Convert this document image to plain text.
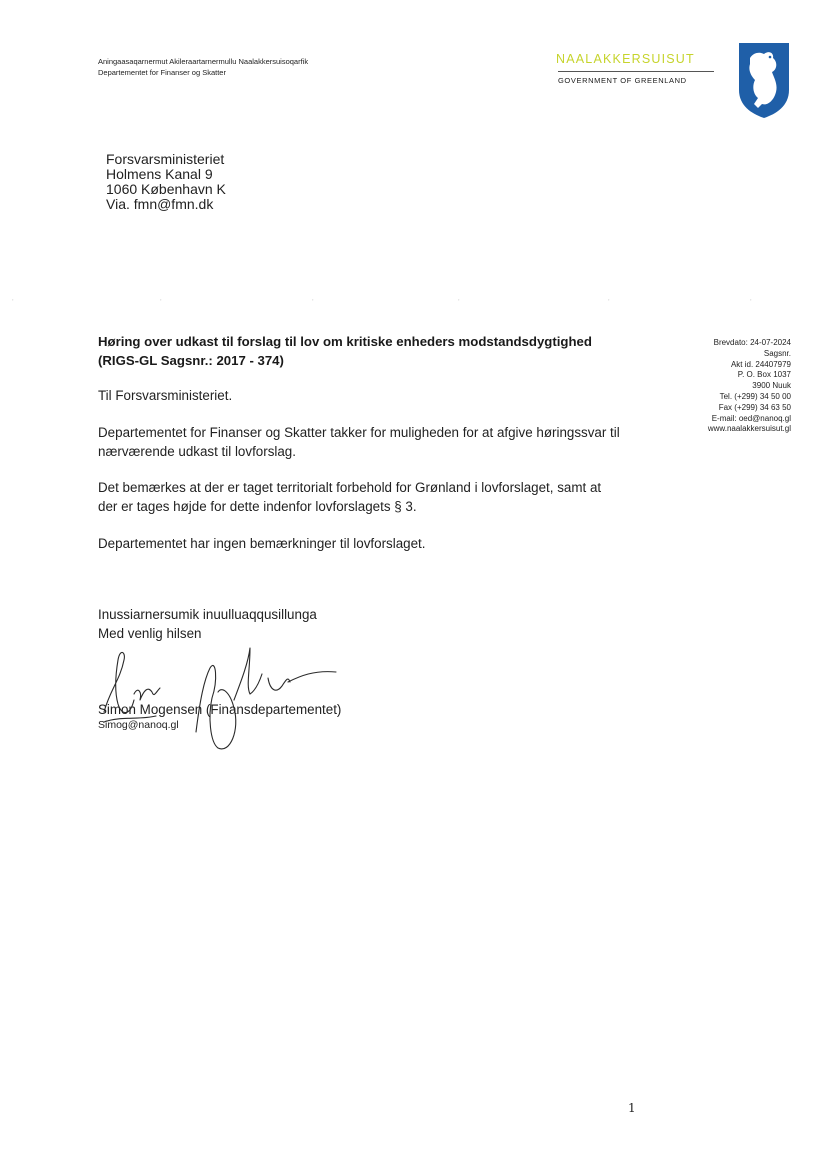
Aningaasaqarnermut Akileraartarnermullu Naalakkersuisoqarfik
Departementet for Finanser og Skatter
NAALAKKERSUISUT
GOVERNMENT OF GREENLAND
Forsvarsministeriet
Holmens Kanal 9
1060 København K
Via. fmn@fmn.dk
,	,	,	,	,	,
Brevdato: 24-07-2024
Sagsnr.
Akt id. 24407979
P. O. Box 1037
3900 Nuuk
Tel. (+299) 34 50 00
Fax (+299) 34 63 50
E-mail: oed@nanoq.gl
www.naalakkersuisut.gl
Høring over udkast til forslag til lov om kritiske enheders modstandsdygtighed
(RIGS-GL Sagsnr.: 2017 - 374)
Til Forsvarsministeriet.
Departementet for Finanser og Skatter takker for muligheden for at afgive høringssvar til
nærværende udkast til lovforslag.
Det bemærkes at der er taget territorialt forbehold for Grønland i lovforslaget, samt at
der er tages højde for dette indenfor lovforslagets § 3.
Departementet har ingen bemærkninger til lovforslaget.
Inussiarnersumik inuulluaqqusillunga
Med venlig hilsen
Simon Mogensen (Finansdepartementet)
Simog@nanoq.gl
1
